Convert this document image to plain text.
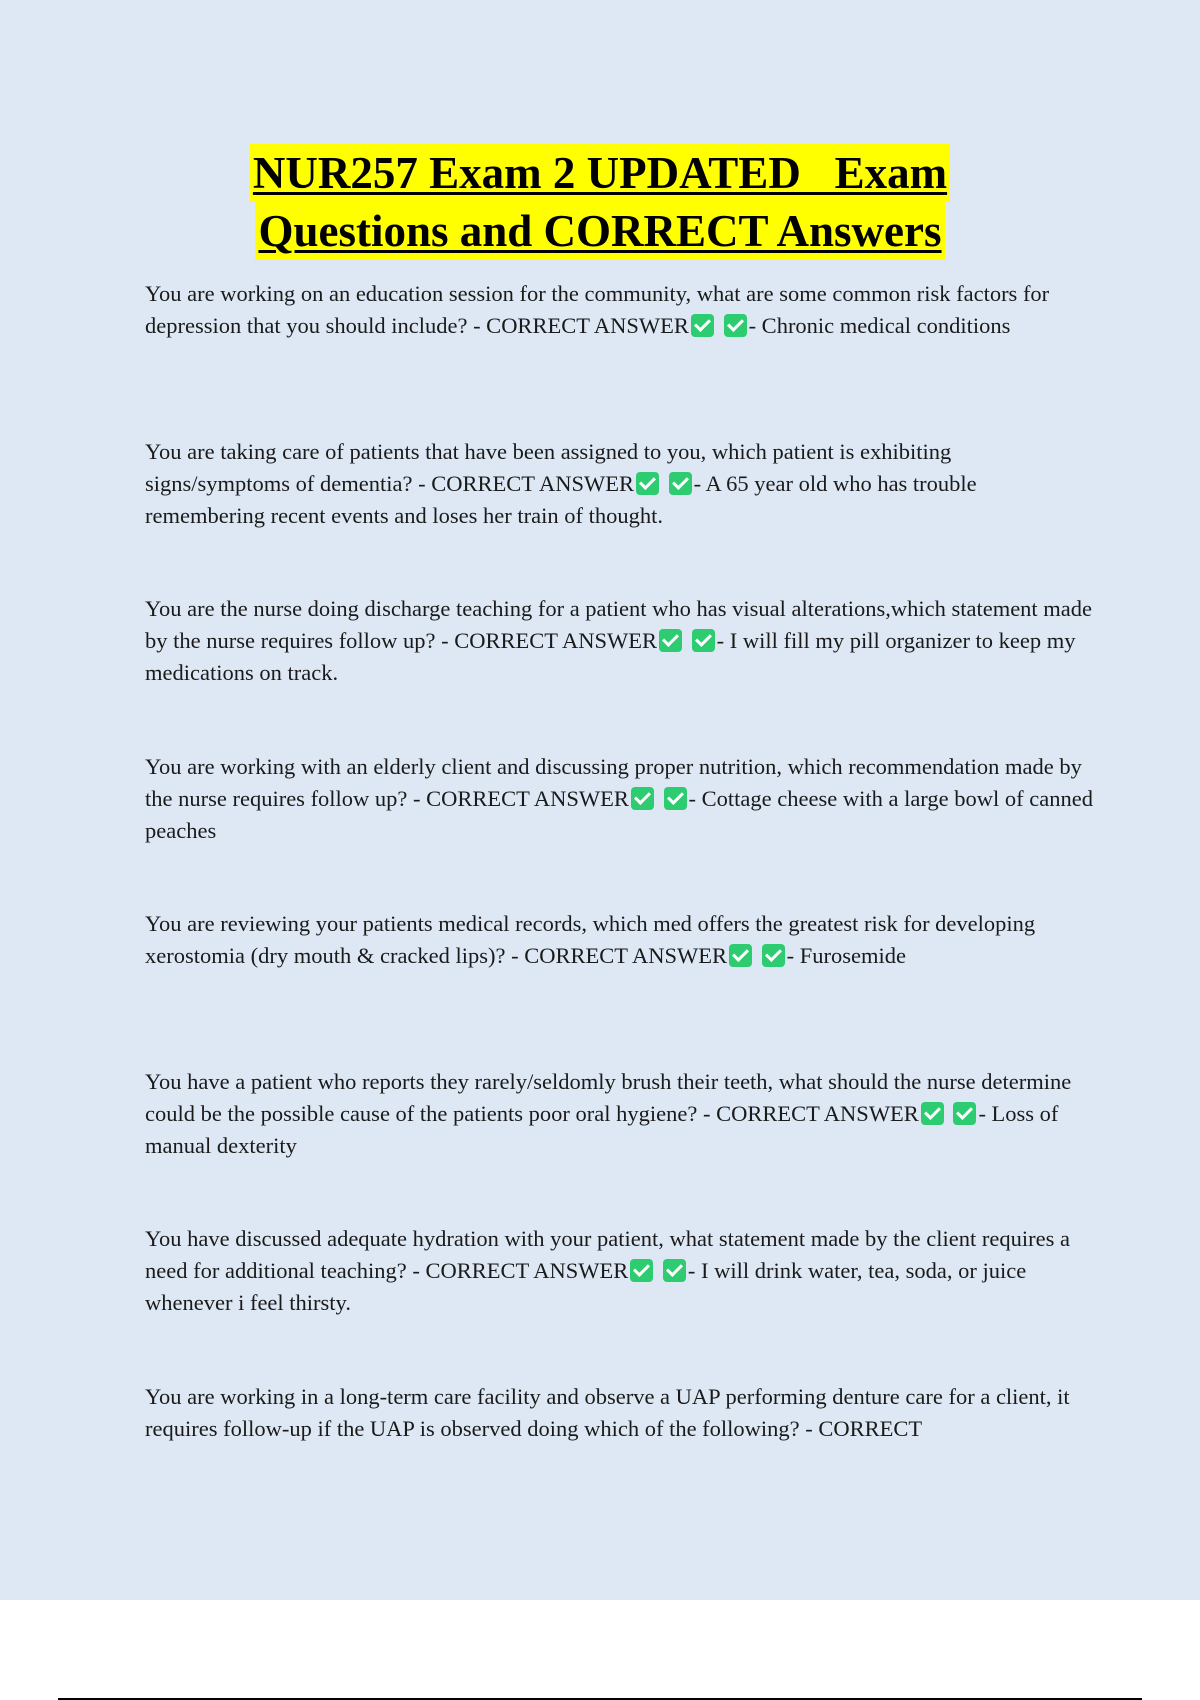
NUR257 Exam 2 UPDATED   Exam
Questions and CORRECT Answers
You are working on an education session for the community, what are some common risk factors for depression that you should include? - CORRECT ANSWER	- Chronic medical conditions
You are taking care of patients that have been assigned to you, which patient is exhibiting signs/symptoms of dementia? - CORRECT ANSWER	- A 65 year old who has trouble remembering recent events and loses her train of thought.
You are the nurse doing discharge teaching for a patient who has visual alterations,which statement made by the nurse requires follow up? - CORRECT ANSWER	- I will fill my pill organizer to keep my medications on track.
You are working with an elderly client and discussing proper nutrition, which recommendation made by the nurse requires follow up? - CORRECT ANSWER	- Cottage cheese with a large bowl of canned peaches
You are reviewing your patients medical records, which med offers the greatest risk for developing xerostomia (dry mouth & cracked lips)? - CORRECT ANSWER	- Furosemide
You have a patient who reports they rarely/seldomly brush their teeth, what should the nurse determine could be the possible cause of the patients poor oral hygiene? - CORRECT ANSWER	- Loss of manual dexterity
You have discussed adequate hydration with your patient, what statement made by the client requires a need for additional teaching? - CORRECT ANSWER	- I will drink water, tea, soda, or juice whenever i feel thirsty.
You are working in a long-term care facility and observe a UAP performing denture care for a client, it requires follow-up if the UAP is observed doing which of the following? - CORRECT
